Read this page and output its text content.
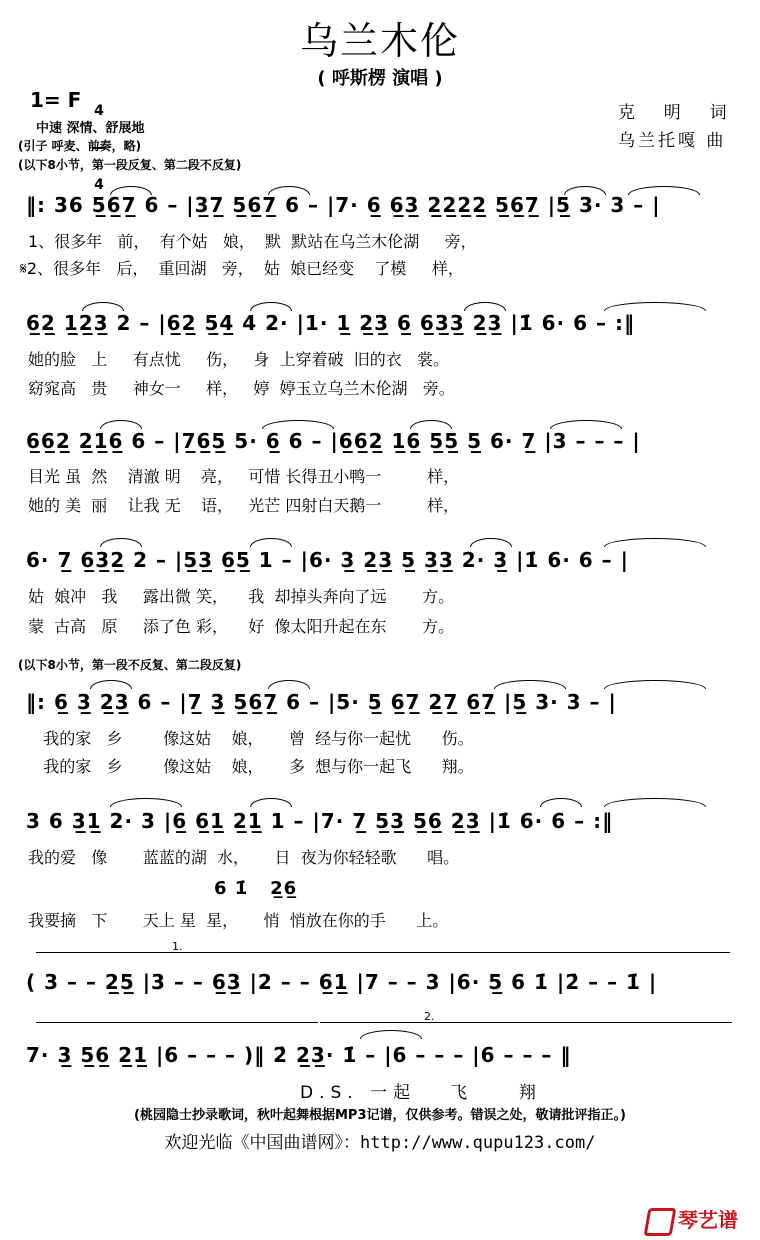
乌兰木伦
( 呼斯楞 演唱 )
1= F

4

4

克  明  词
乌兰托嘎 曲
中速 深情、舒展地
(引子 呼麦、前奏，略)
(以下8小节，第一段反复、第二段不反复)
‖: 36 5̲6̲7̲ 6 – |3̲7̲ 5̲6̲7̲ 6 – |7· 6̲ 6̲3̲ 2̲2̲2̲2̲ 5̲6̲7̲ |5̲ 3· 3 – |
1、很多年   前，  有个姑   娘，  默  默站在乌兰木伦湖     旁，
𝄋2、很多年   后，  重回湖   旁，  姑  娘已经变    了模     样，
6̲2̲ 1̲2̲3̲ 2 – |6̲2̲ 5̲4̲ 4 2· |1· 1̲ 2̲3̲ 6̲ 6̲3̲3̲ 2̲3̲ |1̇ 6· 6 – :‖
她的脸   上     有点忧     伤，   身  上穿着破  旧的衣   裳。
窈窕高   贵     神女一     样，   婷  婷玉立乌兰木伦湖   旁。
6̲6̲2̲ 2̲1̲6̲ 6 – |7̲6̲5̲ 5· 6̲ 6 – |6̲6̲2̲ 1̲6̲ 5̲5̲ 5̲ 6· 7̲ |3 – – – |
目光 虽  然    清澈 明    亮，   可惜 长得丑小鸭一         样，
她的 美  丽    让我 无    语，   光芒 四射白天鹅一         样，
6· 7̲ 6̲3̲2̲ 2 – |5̲3̲ 6̲5̲ 1 – |6· 3̲ 2̲3̲ 5̲ 3̲3̲ 2· 3̲ |1̇ 6· 6 – |
姑  娘冲   我     露出微 笑，    我  却掉头奔向了远       方。
蒙  古高   原     添了色 彩，    好  像太阳升起在东       方。
(以下8小节，第一段不反复、第二段反复)
‖: 6̲ 3̲ 2̲3̲ 6 – |7̲ 3̲ 5̲6̲7̲ 6 – |5· 5̲ 6̲7̲ 2̲7̲ 6̲7̲ |5̲ 3· 3 – |
我的家   乡        像这姑    娘，     曾  经与你一起忧      伤。
我的家   乡        像这姑    娘，     多  想与你一起飞      翔。
3 6 3̲1̲ 2· 3 |6̲ 6̲1̲ 2̲1̲ 1 – |7· 7̲ 5̲3̲ 5̲6̲ 2̲3̲ |1̇ 6· 6 – :‖
我的爱   像       蓝蓝的湖  水，     日  夜为你轻轻歌      唱。
6 1̇   2̲6̲
我要摘   下       天上 星  星，     悄  悄放在你的手      上。
1.
( 3 – – 2̲5̲ |3 – – 6̲3̲ |2 – – 6̲1̲ |7 – – 3 |6· 5̲ 6 1̇ |2̇ – – 1̇ |
2.
7· 3̲ 5̲6̲ 2̲1̲ |6 – – – )‖ 2̇ 2̲3̲· 1̇ – |6 – – – |6 – – – ‖
D.S. 一起   飞    翔
(桃园隐士抄录歌词，秋叶起舞根据MP3记谱，仅供参考。错误之处，敬请批评指正。)
欢迎光临《中国曲谱网》：http://www.qupu123.com/
琴艺谱
